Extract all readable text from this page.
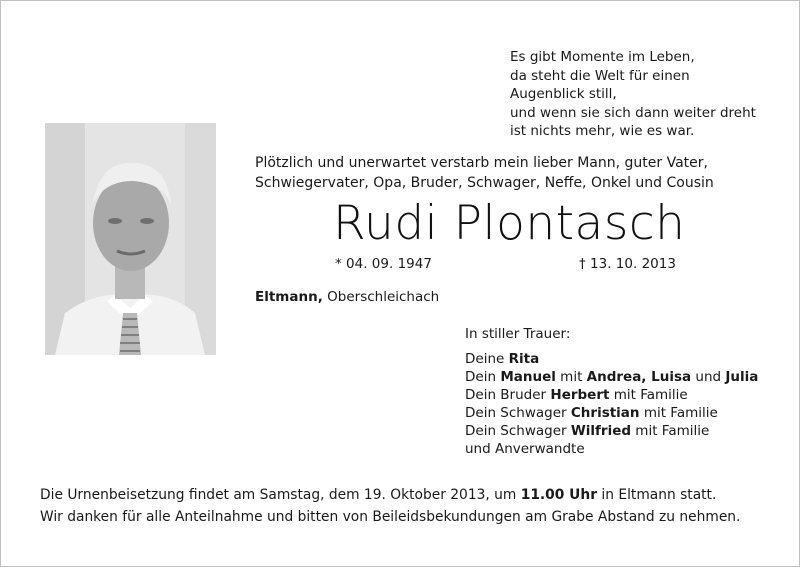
Es gibt Momente im Leben,
da steht die Welt für einen
Augenblick still,
und wenn sie sich dann weiter dreht
ist nichts mehr, wie es war.
Plötzlich und unerwartet verstarb mein lieber Mann, guter Vater,
Schwiegervater, Opa, Bruder, Schwager, Neffe, Onkel und Cousin
Rudi Plontasch
* 04. 09. 1947	† 13. 10. 2013
Eltmann, Oberschleichach
In stiller Trauer:
Deine Rita
Dein Manuel mit Andrea, Luisa und Julia
Dein Bruder Herbert mit Familie
Dein Schwager Christian mit Familie
Dein Schwager Wilfried mit Familie
und Anverwandte
Die Urnenbeisetzung findet am Samstag, dem 19. Oktober 2013, um 11.00 Uhr in Eltmann statt.
Wir danken für alle Anteilnahme und bitten von Beileidsbekundungen am Grabe Abstand zu nehmen.
